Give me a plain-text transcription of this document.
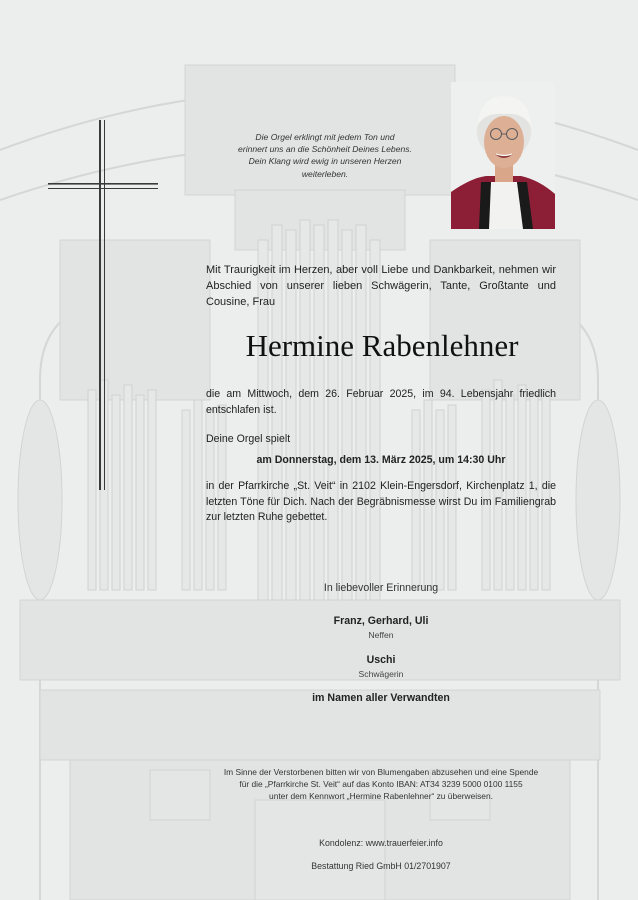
Die Orgel erklingt mit jedem Ton und
erinnert uns an die Schönheit Deines Lebens.
Dein Klang wird ewig in unseren Herzen
weiterleben.
Mit Traurigkeit im Herzen, aber voll Liebe und Dankbarkeit, nehmen wir Abschied von unserer lieben Schwägerin, Tante, Großtante und Cousine, Frau
Hermine Rabenlehner
die am Mittwoch, dem 26. Februar 2025, im 94. Lebensjahr friedlich entschlafen ist.
Deine Orgel spielt
am Donnerstag, dem 13. März 2025, um 14:30 Uhr
in der Pfarrkirche „St. Veit“ in 2102 Klein-Engersdorf, Kirchenplatz 1, die letzten Töne für Dich. Nach der Begräbnismesse wirst Du im Familiengrab zur letzten Ruhe gebettet.
In liebevoller Erinnerung
Franz, Gerhard, Uli
Neffen
Uschi
Schwägerin
im Namen aller Verwandten
Im Sinne der Verstorbenen bitten wir von Blumengaben abzusehen und eine Spende
für die „Pfarrkirche St. Veit“ auf das Konto IBAN: AT34 3239 5000 0100 1155
unter dem Kennwort „Hermine Rabenlehner“ zu überweisen.
Kondolenz: www.trauerfeier.info
Bestattung Ried GmbH 01/2701907
